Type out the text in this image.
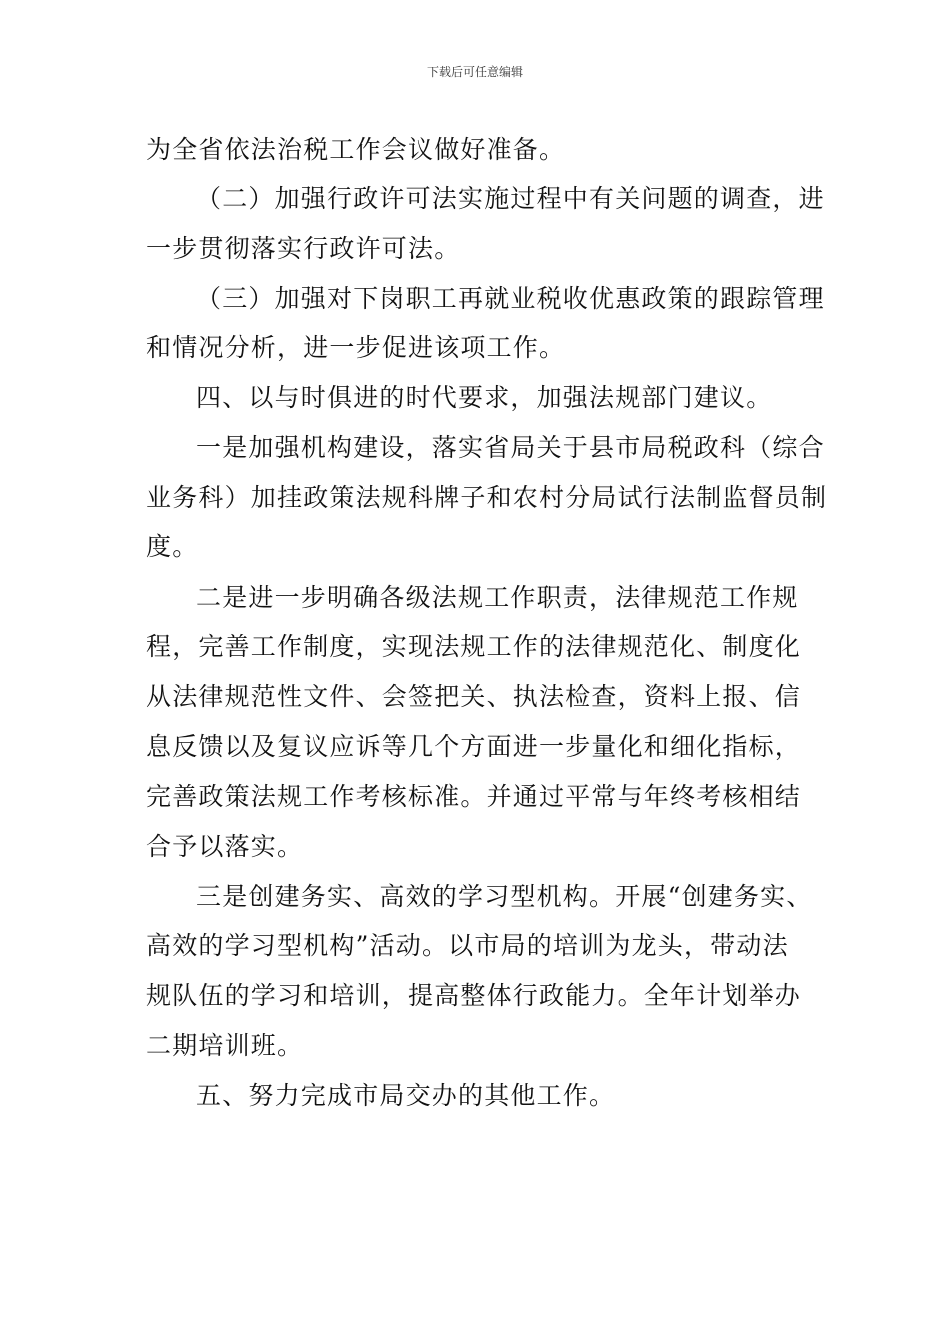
下载后可任意编辑
为全省依法治税工作会议做好准备。
（二）加强行政许可法实施过程中有关问题的调查，进
一步贯彻落实行政许可法。
（三）加强对下岗职工再就业税收优惠政策的跟踪管理
和情况分析，进一步促进该项工作。
四、以与时俱进的时代要求，加强法规部门建议。
一是加强机构建设，落实省局关于县市局税政科（综合
业务科）加挂政策法规科牌子和农村分局试行法制监督员制
度。
二是进一步明确各级法规工作职责，法律规范工作规
程，完善工作制度，实现法规工作的法律规范化、制度化
从法律规范性文件、会签把关、执法检查，资料上报、信
息反馈以及复议应诉等几个方面进一步量化和细化指标，
完善政策法规工作考核标准。并通过平常与年终考核相结
合予以落实。
三是创建务实、高效的学习型机构。开展“创建务实、
高效的学习型机构”活动。以市局的培训为龙头，带动法
规队伍的学习和培训，提高整体行政能力。全年计划举办
二期培训班。
五、努力完成市局交办的其他工作。
